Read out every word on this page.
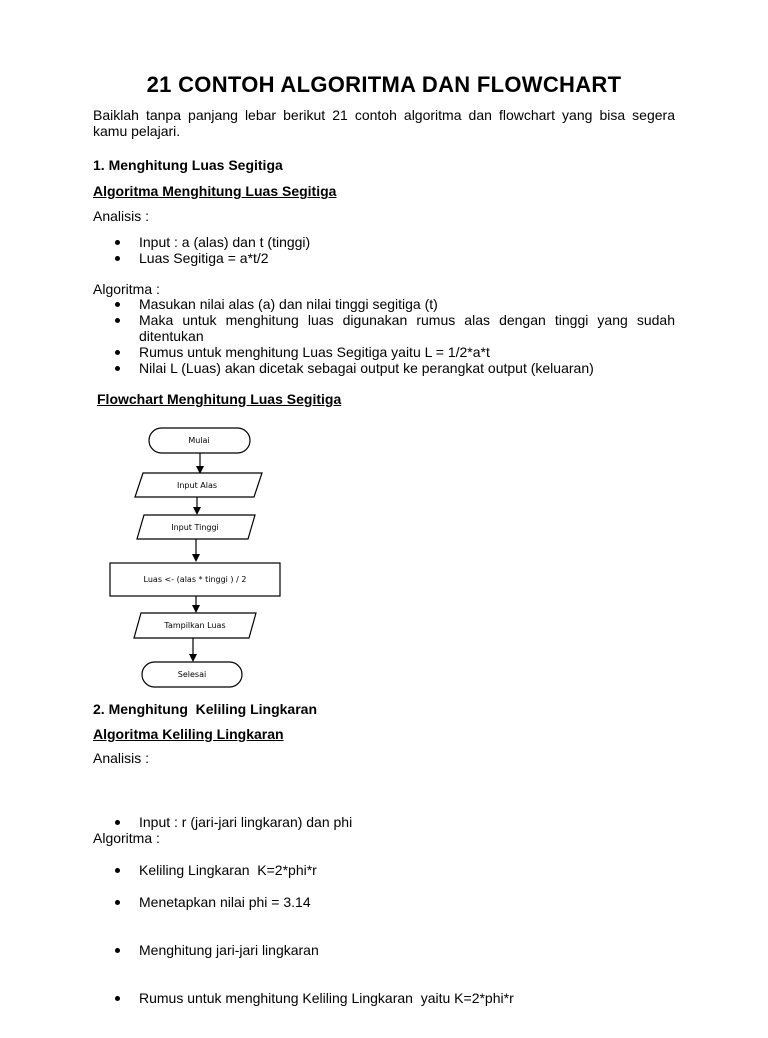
21 CONTOH ALGORITMA DAN FLOWCHART
Baiklah tanpa panjang lebar berikut 21 contoh algoritma dan flowchart yang bisa segera kamu pelajari.
1. Menghitung Luas Segitiga
Algoritma Menghitung Luas Segitiga
Analisis :
Input : a (alas) dan t (tinggi)
Luas Segitiga = a*t/2
Algoritma :
Masukan nilai alas (a) dan nilai tinggi segitiga (t)
Maka untuk menghitung luas digunakan rumus alas dengan tinggi yang sudah ditentukan
Rumus untuk menghitung Luas Segitiga yaitu L = 1/2*a*t
Nilai L (Luas) akan dicetak sebagai output ke perangkat output (keluaran)
Flowchart Menghitung Luas Segitiga
Mulai
Input Alas
Input Tinggi
Luas <- (alas * tinggi ) / 2
Tampilkan Luas
Selesai
2. Menghitung  Keliling Lingkaran
Algoritma Keliling Lingkaran
Analisis :

Input : r (jari-jari lingkaran) dan phi

Keliling Lingkaran  K=2*phi*r

Algoritma :

Menetapkan nilai phi = 3.14

Menghitung jari-jari lingkaran

Rumus untuk menghitung Keliling Lingkaran  yaitu K=2*phi*r
